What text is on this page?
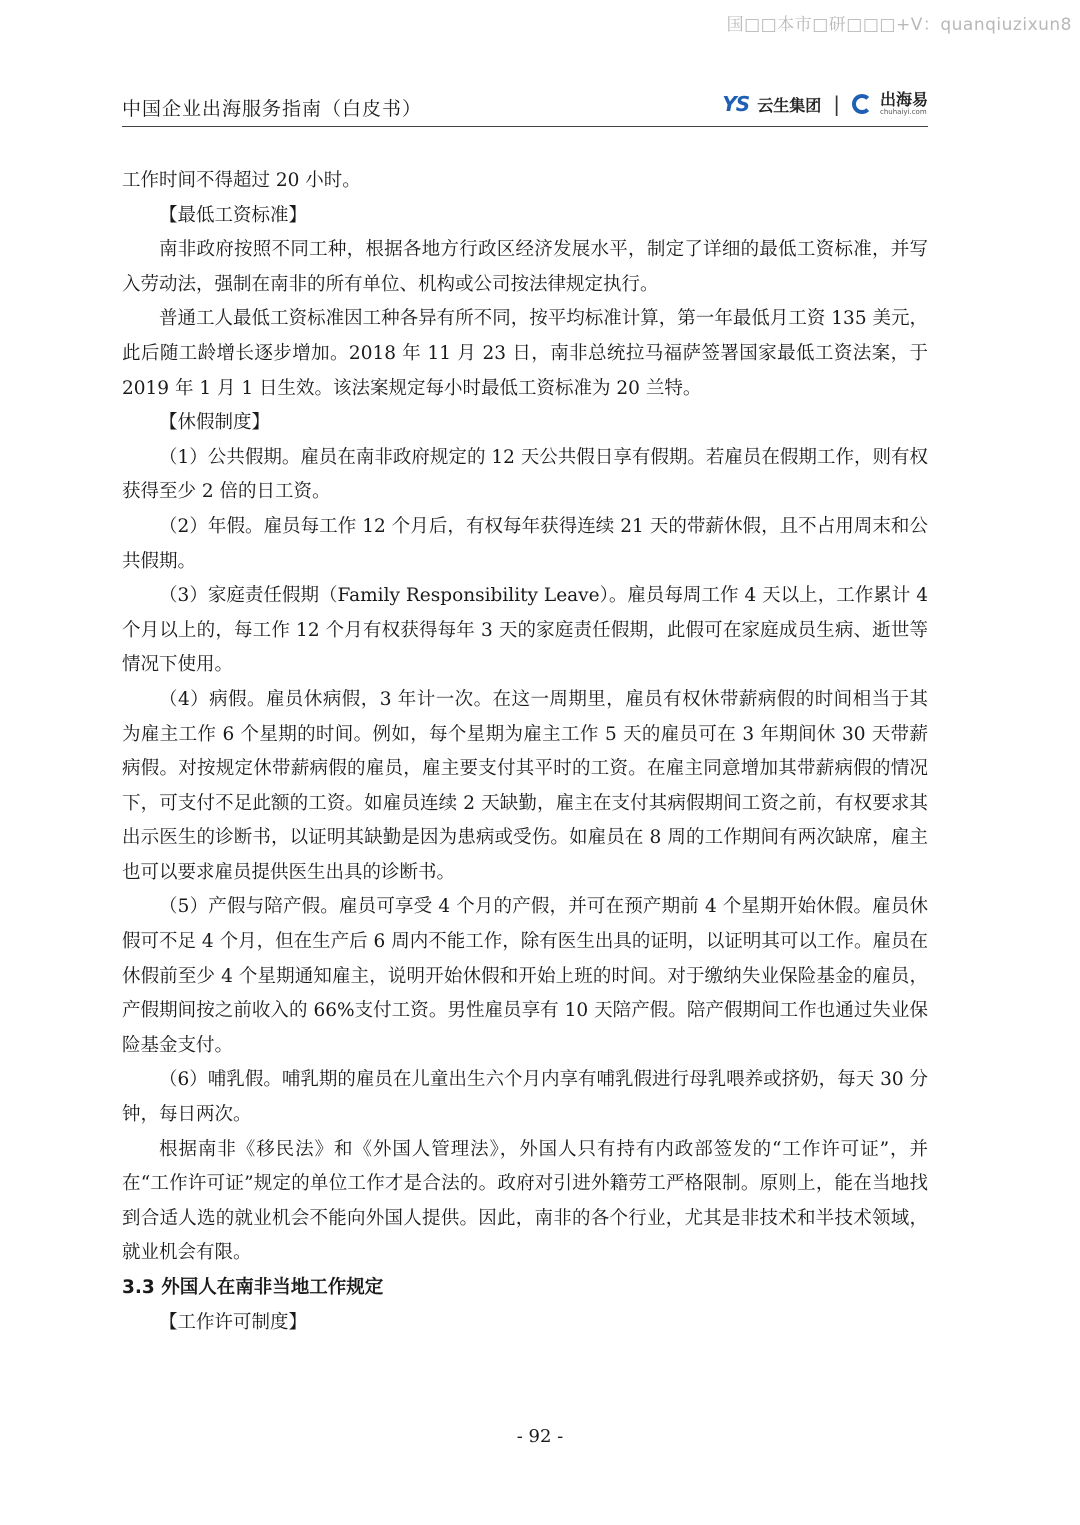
国□□本市□研□□□+V：quanqiuzixun8
中国企业出海服务指南（白皮书）	YS 云生集团 |	出海易
chuhaiyi.com

工作时间不得超过 20 小时。

【最低工资标准】

南非政府按照不同工种，根据各地方行政区经济发展水平，制定了详细的最低工资标准，并写入劳动法，强制在南非的所有单位、机构或公司按法律规定执行。

普通工人最低工资标准因工种各异有所不同，按平均标准计算，第一年最低月工资 135 美元，此后随工龄增长逐步增加。2018 年 11 月 23 日，南非总统拉马福萨签署国家最低工资法案，于 2019 年 1 月 1 日生效。该法案规定每小时最低工资标准为 20 兰特。

【休假制度】

（1）公共假期。雇员在南非政府规定的 12 天公共假日享有假期。若雇员在假期工作，则有权获得至少 2 倍的日工资。

（2）年假。雇员每工作 12 个月后，有权每年获得连续 21 天的带薪休假，且不占用周末和公共假期。

（3）家庭责任假期（Family Responsibility Leave）。雇员每周工作 4 天以上，工作累计 4 个月以上的，每工作 12 个月有权获得每年 3 天的家庭责任假期，此假可在家庭成员生病、逝世等情况下使用。

（4）病假。雇员休病假，3 年计一次。在这一周期里，雇员有权休带薪病假的时间相当于其为雇主工作 6 个星期的时间。例如，每个星期为雇主工作 5 天的雇员可在 3 年期间休 30 天带薪病假。对按规定休带薪病假的雇员，雇主要支付其平时的工资。在雇主同意增加其带薪病假的情况下，可支付不足此额的工资。如雇员连续 2 天缺勤，雇主在支付其病假期间工资之前，有权要求其出示医生的诊断书，以证明其缺勤是因为患病或受伤。如雇员在 8 周的工作期间有两次缺席，雇主也可以要求雇员提供医生出具的诊断书。

（5）产假与陪产假。雇员可享受 4 个月的产假，并可在预产期前 4 个星期开始休假。雇员休假可不足 4 个月，但在生产后 6 周内不能工作，除有医生出具的证明，以证明其可以工作。雇员在休假前至少 4 个星期通知雇主，说明开始休假和开始上班的时间。对于缴纳失业保险基金的雇员，产假期间按之前收入的 66%支付工资。男性雇员享有 10 天陪产假。陪产假期间工作也通过失业保险基金支付。

（6）哺乳假。哺乳期的雇员在儿童出生六个月内享有哺乳假进行母乳喂养或挤奶，每天 30 分钟，每日两次。

根据南非《移民法》和《外国人管理法》，外国人只有持有内政部签发的“工作许可证”，并在“工作许可证”规定的单位工作才是合法的。政府对引进外籍劳工严格限制。原则上，能在当地找到合适人选的就业机会不能向外国人提供。因此，南非的各个行业，尤其是非技术和半技术领域，就业机会有限。

3.3 外国人在南非当地工作规定

【工作许可制度】

- 92 -
